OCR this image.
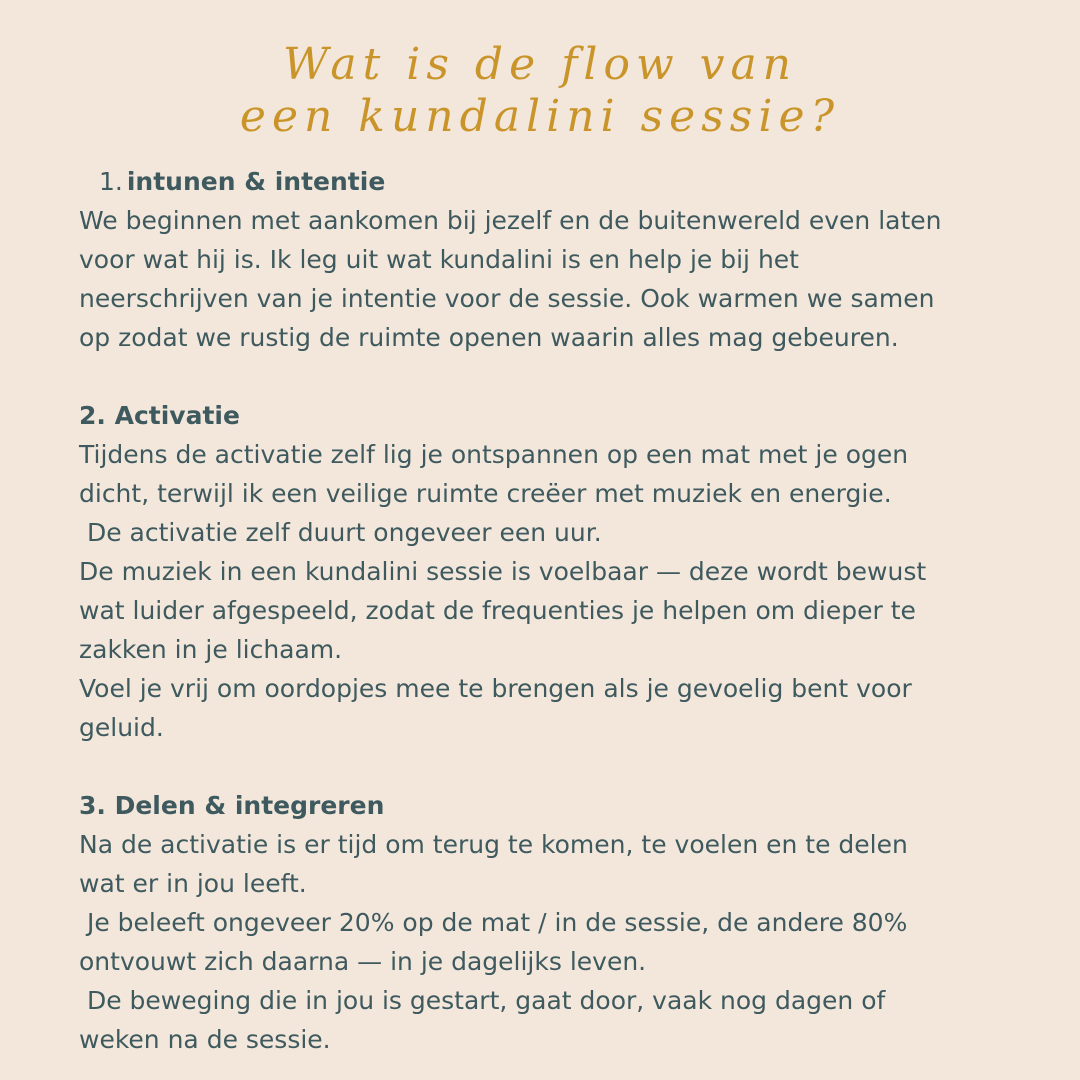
Wat is de flow van
een kundalini sessie?
1. intunen & intentie

We beginnen met aankomen bij jezelf en de buitenwereld even laten

voor wat hij is. Ik leg uit wat kundalini is en help je bij het

neerschrijven van je intentie voor de sessie. Ook warmen we samen

op zodat we rustig de ruimte openen waarin alles mag gebeuren.

2. Activatie

Tijdens de activatie zelf lig je ontspannen op een mat met je ogen

dicht, terwijl ik een veilige ruimte creëer met muziek en energie.

De activatie zelf duurt ongeveer een uur.

De muziek in een kundalini sessie is voelbaar — deze wordt bewust

wat luider afgespeeld, zodat de frequenties je helpen om dieper te

zakken in je lichaam.

Voel je vrij om oordopjes mee te brengen als je gevoelig bent voor

geluid.

3. Delen & integreren

Na de activatie is er tijd om terug te komen, te voelen en te delen

wat er in jou leeft.

Je beleeft ongeveer 20% op de mat / in de sessie, de andere 80%

ontvouwt zich daarna — in je dagelijks leven.

De beweging die in jou is gestart, gaat door, vaak nog dagen of

weken na de sessie.
